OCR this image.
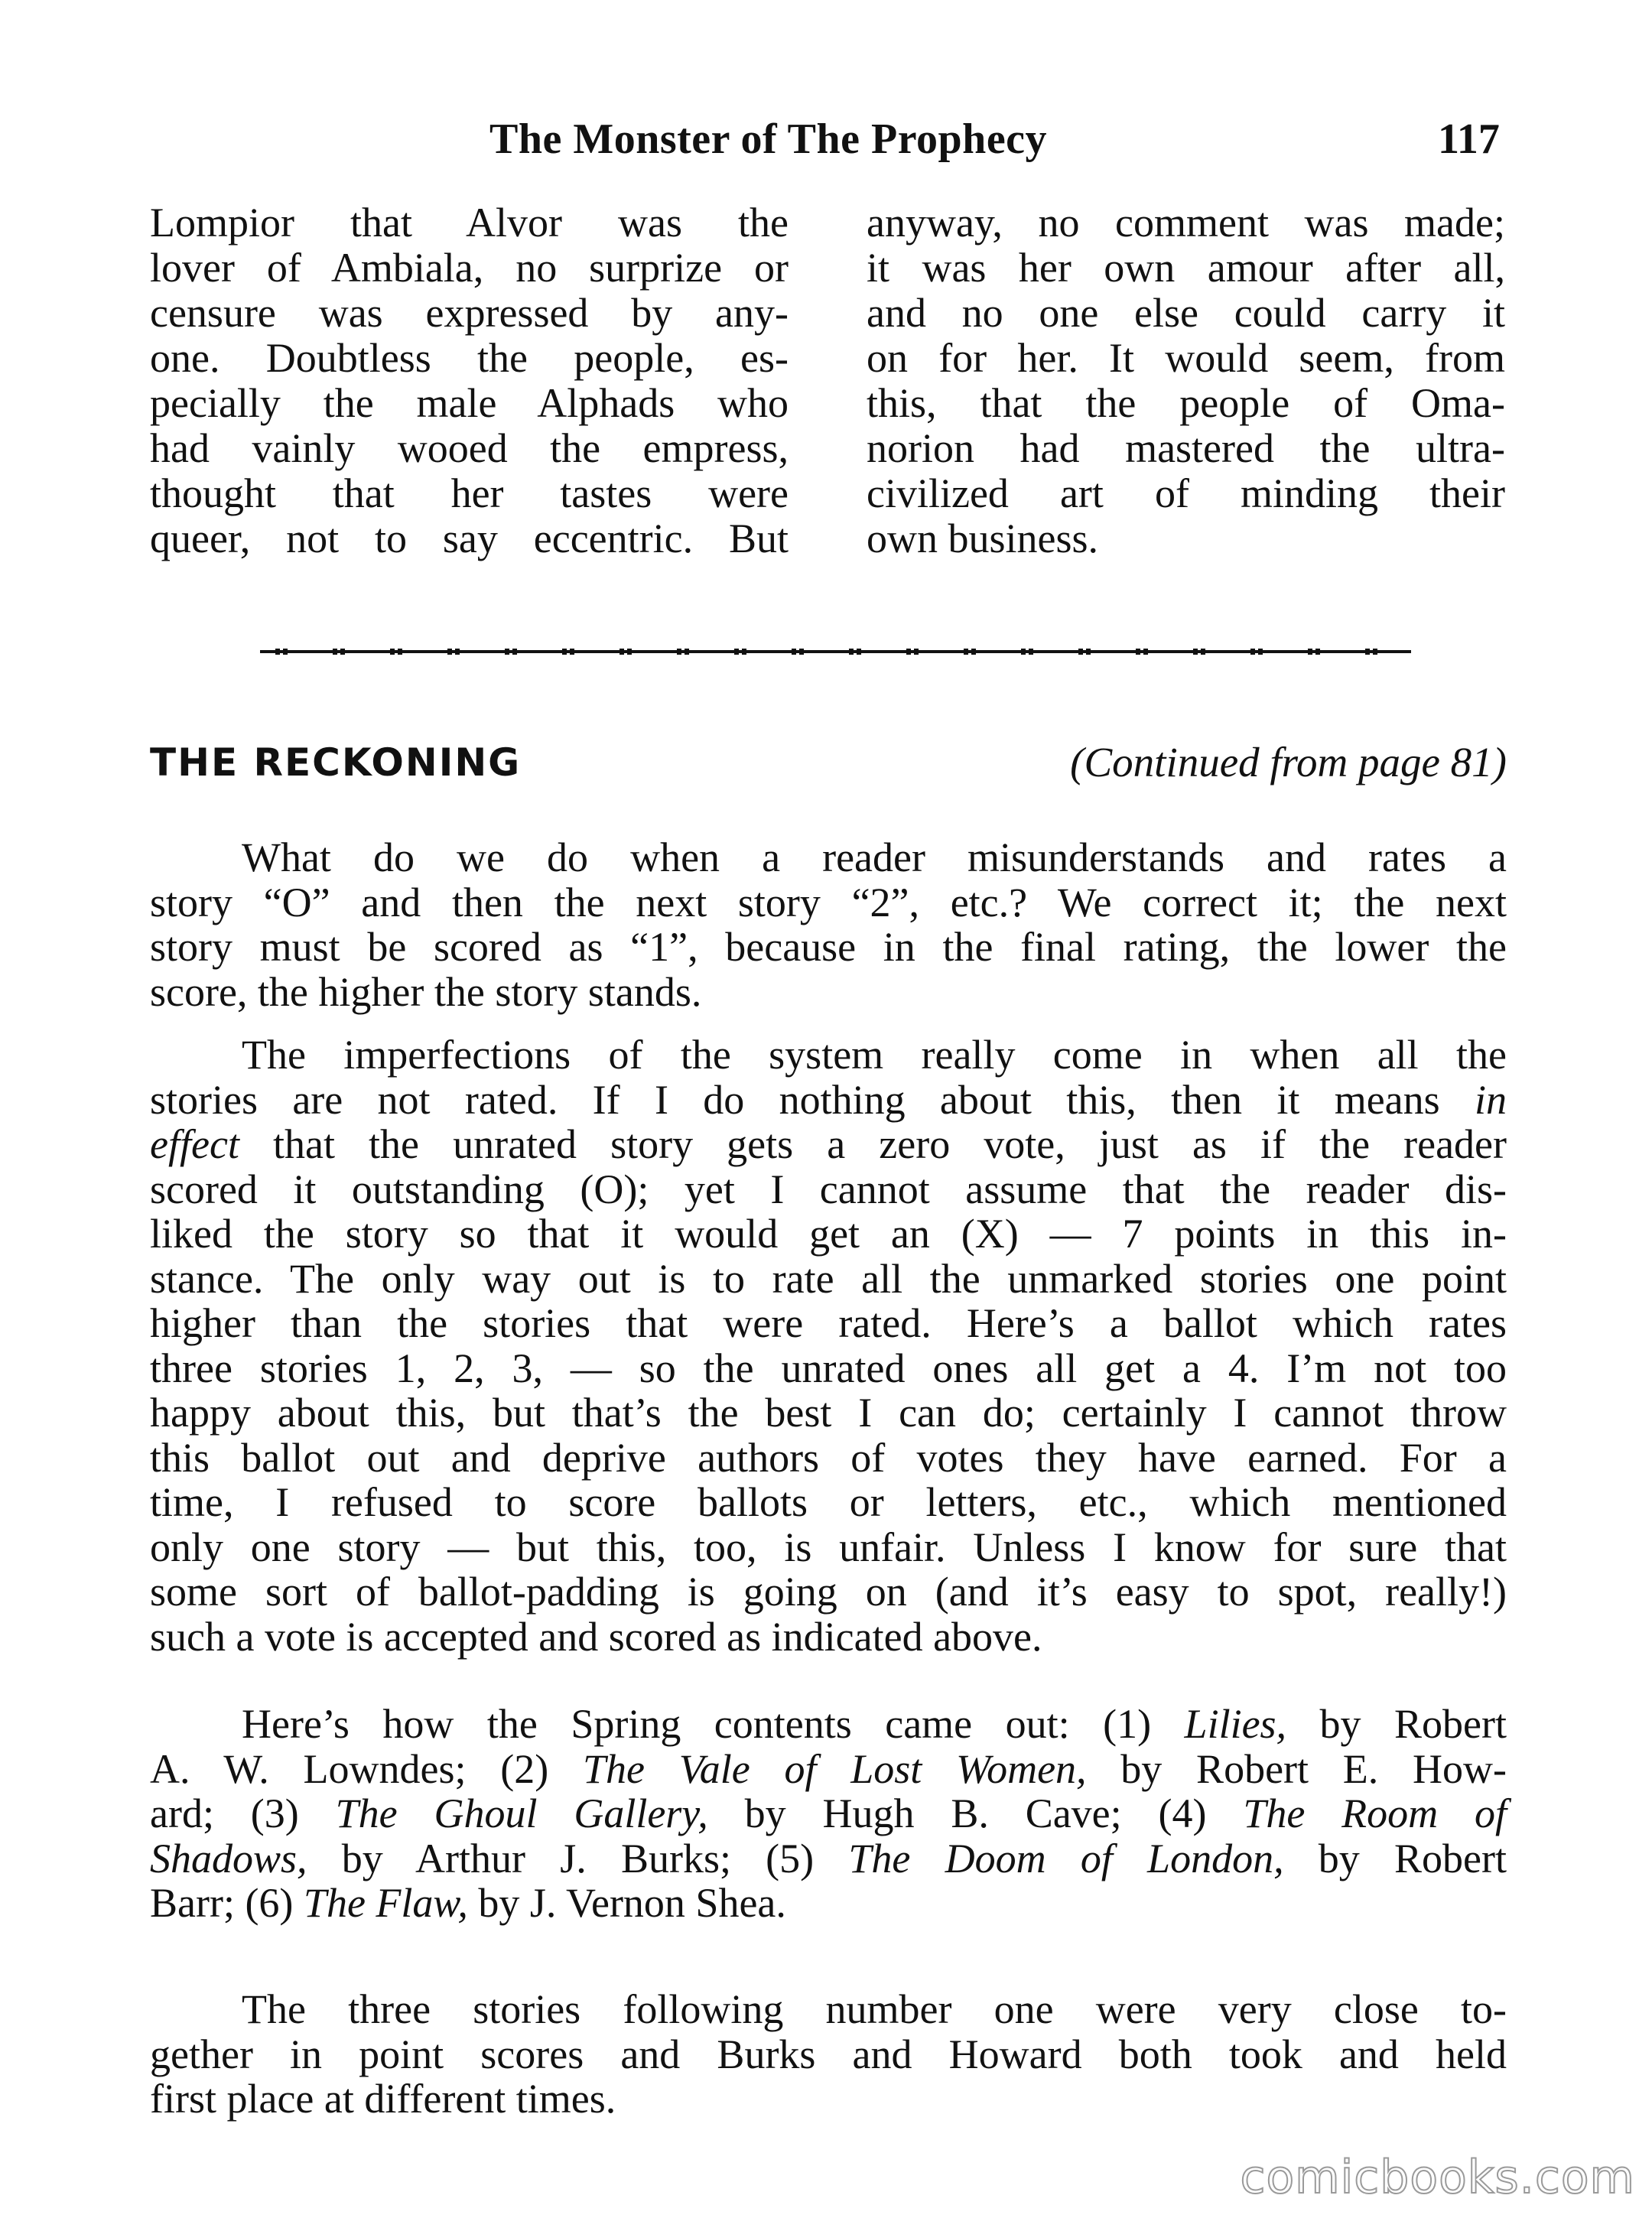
The Monster of The Prophecy	117
Lompior that Alvor was the
lover of Ambiala, no surprize or
censure was expressed by any-
one. Doubtless the people, es-
pecially the male Alphads who
had vainly wooed the empress,
thought that her tastes were
queer, not to say eccentric. But
anyway, no comment was made;
it was her own amour after all,
and no one else could carry it
on for her. It would seem, from
this, that the people of Oma-
norion had mastered the ultra-
civilized art of minding their
own business.
THE RECKONING	(Continued from page 81)
What do we do when a reader misunderstands and rates a
story “O” and then the next story “2”, etc.? We correct it; the next
story must be scored as “1”, because in the final rating, the lower the
score, the higher the story stands.
The imperfections of the system really come in when all the
stories are not rated. If I do nothing about this, then it means in
effect that the unrated story gets a zero vote, just as if the reader
scored it outstanding (O); yet I cannot assume that the reader dis-
liked the story so that it would get an (X) — 7 points in this in-
stance. The only way out is to rate all the unmarked stories one point
higher than the stories that were rated. Here’s a ballot which rates
three stories 1, 2, 3, — so the unrated ones all get a 4. I’m not too
happy about this, but that’s the best I can do; certainly I cannot throw
this ballot out and deprive authors of votes they have earned. For a
time, I refused to score ballots or letters, etc., which mentioned
only one story — but this, too, is unfair. Unless I know for sure that
some sort of ballot-padding is going on (and it’s easy to spot, really!)
such a vote is accepted and scored as indicated above.
Here’s how the Spring contents came out: (1) Lilies, by Robert
A. W. Lowndes; (2) The Vale of Lost Women, by Robert E. How-
ard; (3) The Ghoul Gallery, by Hugh B. Cave; (4) The Room of
Shadows, by Arthur J. Burks; (5) The Doom of London, by Robert
Barr; (6) The Flaw, by J. Vernon Shea.
The three stories following number one were very close to-
gether in point scores and Burks and Howard both took and held
first place at different times.
comicbooks.com
